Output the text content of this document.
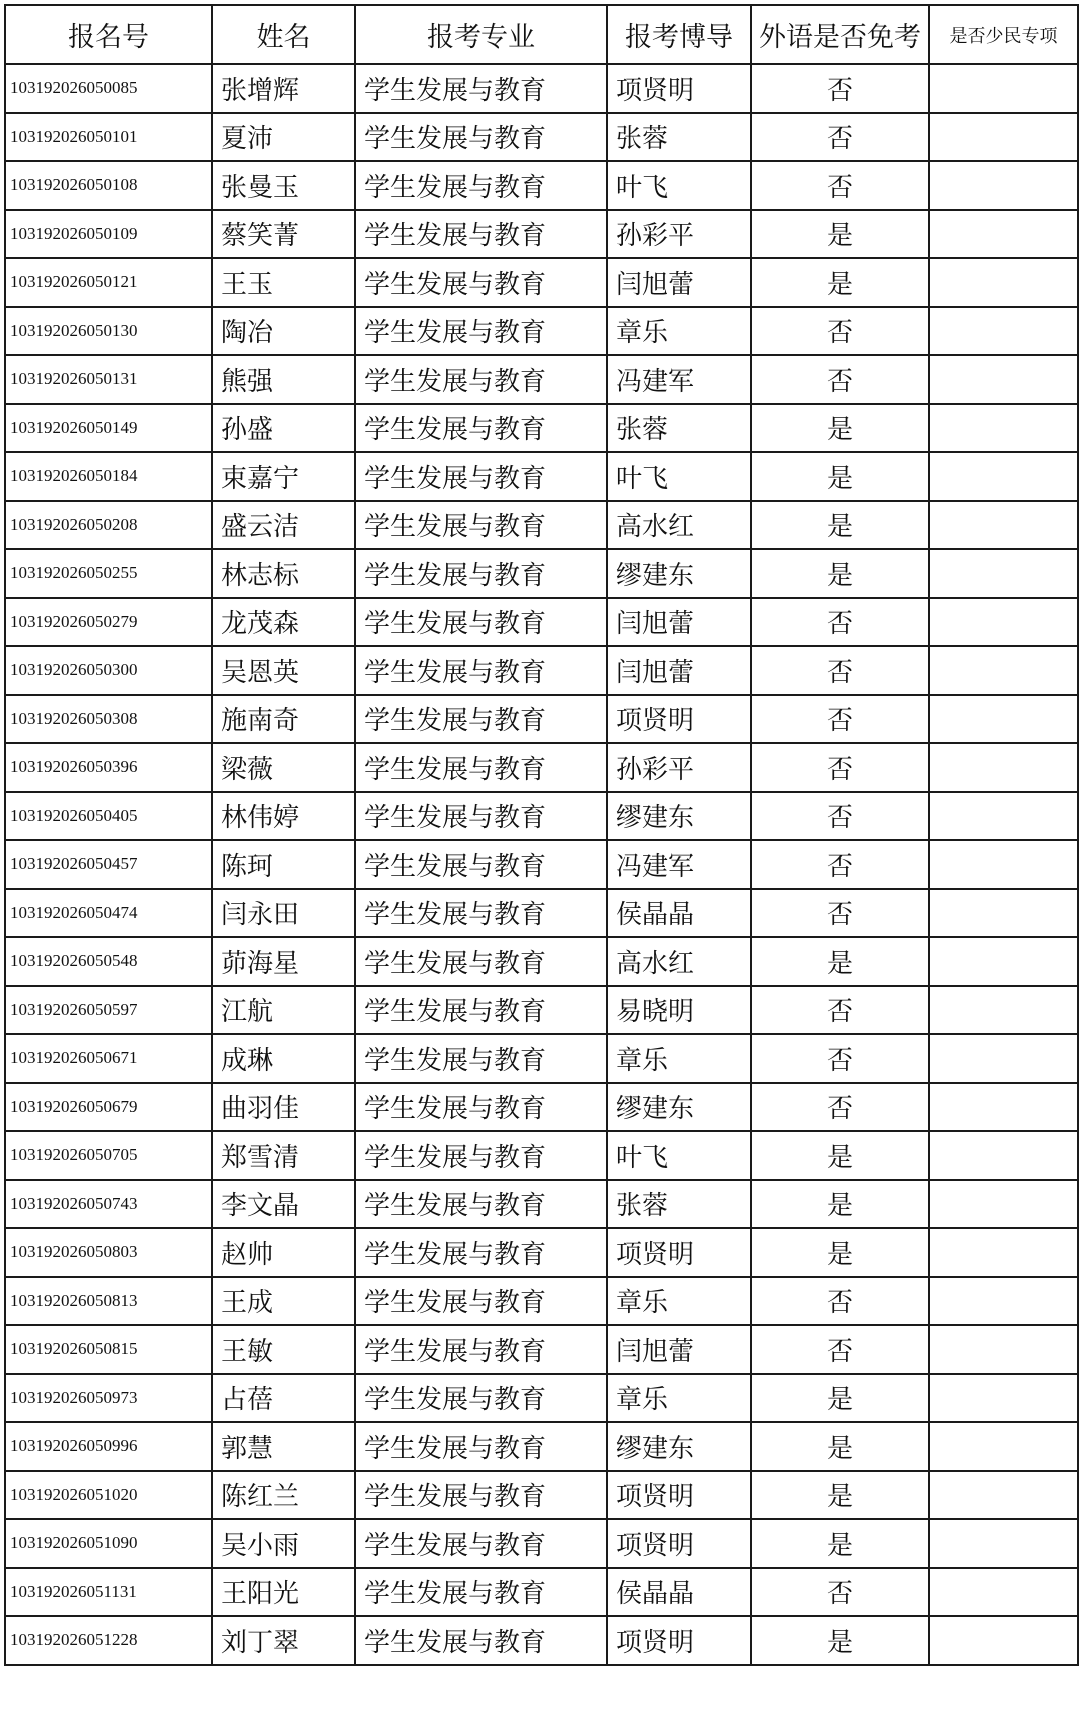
报名号	姓名	报考专业	报考博导	外语是否免考	是否少民专项
103192026050085	张增辉	学生发展与教育	项贤明	否	
103192026050101	夏沛	学生发展与教育	张蓉	否	
103192026050108	张曼玉	学生发展与教育	叶飞	否	
103192026050109	蔡笑菁	学生发展与教育	孙彩平	是	
103192026050121	王玉	学生发展与教育	闫旭蕾	是	
103192026050130	陶冶	学生发展与教育	章乐	否	
103192026050131	熊强	学生发展与教育	冯建军	否	
103192026050149	孙盛	学生发展与教育	张蓉	是	
103192026050184	束嘉宁	学生发展与教育	叶飞	是	
103192026050208	盛云洁	学生发展与教育	高水红	是	
103192026050255	林志标	学生发展与教育	缪建东	是	
103192026050279	龙茂森	学生发展与教育	闫旭蕾	否	
103192026050300	吴恩英	学生发展与教育	闫旭蕾	否	
103192026050308	施南奇	学生发展与教育	项贤明	否	
103192026050396	梁薇	学生发展与教育	孙彩平	否	
103192026050405	林伟婷	学生发展与教育	缪建东	否	
103192026050457	陈珂	学生发展与教育	冯建军	否	
103192026050474	闫永田	学生发展与教育	侯晶晶	否	
103192026050548	茆海星	学生发展与教育	高水红	是	
103192026050597	江航	学生发展与教育	易晓明	否	
103192026050671	成琳	学生发展与教育	章乐	否	
103192026050679	曲羽佳	学生发展与教育	缪建东	否	
103192026050705	郑雪清	学生发展与教育	叶飞	是	
103192026050743	李文晶	学生发展与教育	张蓉	是	
103192026050803	赵帅	学生发展与教育	项贤明	是	
103192026050813	王成	学生发展与教育	章乐	否	
103192026050815	王敏	学生发展与教育	闫旭蕾	否	
103192026050973	占蓓	学生发展与教育	章乐	是	
103192026050996	郭慧	学生发展与教育	缪建东	是	
103192026051020	陈红兰	学生发展与教育	项贤明	是	
103192026051090	吴小雨	学生发展与教育	项贤明	是	
103192026051131	王阳光	学生发展与教育	侯晶晶	否	
103192026051228	刘丁翠	学生发展与教育	项贤明	是	
